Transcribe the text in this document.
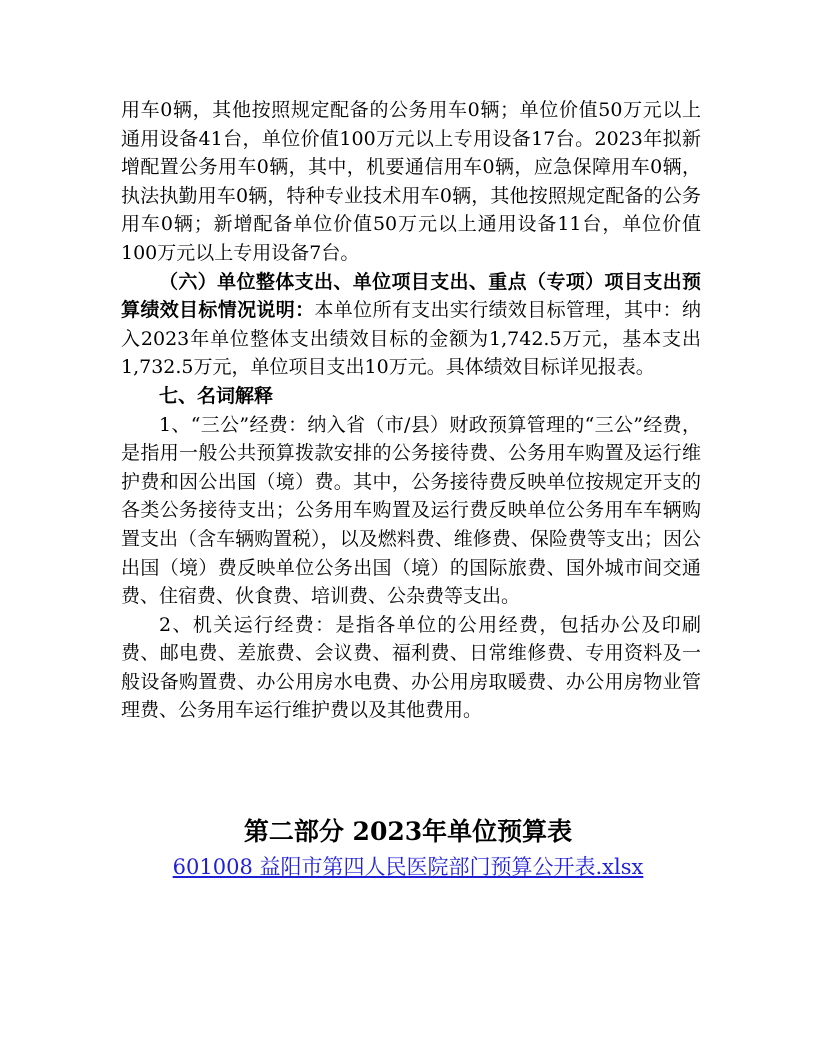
用车0辆，其他按照规定配备的公务用车0辆；单位价值50万元以上通用设备41台，单位价值100万元以上专用设备17台。2023年拟新增配置公务用车0辆，其中，机要通信用车0辆，应急保障用车0辆，执法执勤用车0辆，特种专业技术用车0辆，其他按照规定配备的公务用车0辆；新增配备单位价值50万元以上通用设备11台，单位价值100万元以上专用设备7台。

（六）单位整体支出、单位项目支出、重点（专项）项目支出预算绩效目标情况说明：本单位所有支出实行绩效目标管理，其中：纳入2023年单位整体支出绩效目标的金额为1,742.5万元，基本支出1,732.5万元，单位项目支出10万元。具体绩效目标详见报表。

七、名词解释

1、“三公”经费：纳入省（市/县）财政预算管理的“三公”经费，是指用一般公共预算拨款安排的公务接待费、公务用车购置及运行维护费和因公出国（境）费。其中，公务接待费反映单位按规定开支的各类公务接待支出；公务用车购置及运行费反映单位公务用车车辆购置支出（含车辆购置税），以及燃料费、维修费、保险费等支出；因公出国（境）费反映单位公务出国（境）的国际旅费、国外城市间交通费、住宿费、伙食费、培训费、公杂费等支出。

2、机关运行经费：是指各单位的公用经费，包括办公及印刷费、邮电费、差旅费、会议费、福利费、日常维修费、专用资料及一般设备购置费、办公用房水电费、办公用房取暖费、办公用房物业管理费、公务用车运行维护费以及其他费用。

第二部分 2023年单位预算表
601008 益阳市第四人民医院部门预算公开表.xlsx
